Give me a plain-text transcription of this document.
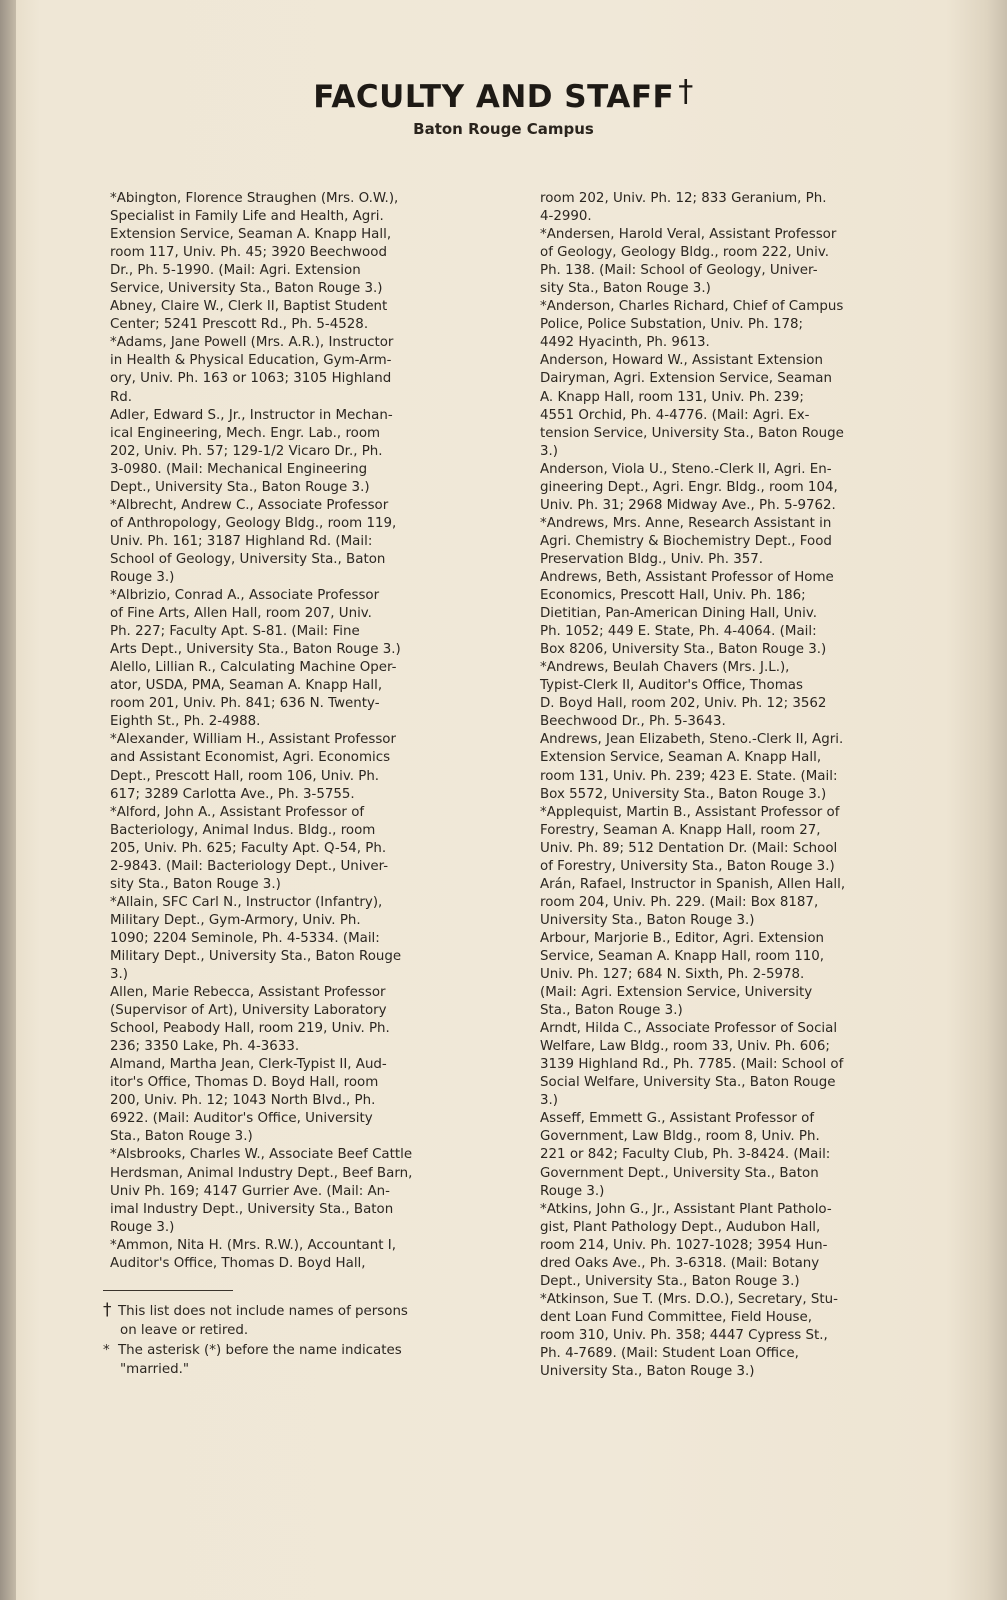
FACULTY AND STAFF †
Baton Rouge Campus
*Abington, Florence Straughen (Mrs. O.W.),
Specialist in Family Life and Health, Agri.
Extension Service, Seaman A. Knapp Hall,
room 117, Univ. Ph. 45; 3920 Beechwood
Dr., Ph. 5-1990. (Mail: Agri. Extension
Service, University Sta., Baton Rouge 3.)
Abney, Claire W., Clerk II, Baptist Student
Center; 5241 Prescott Rd., Ph. 5-4528.
*Adams, Jane Powell (Mrs. A.R.), Instructor
in Health & Physical Education, Gym-Arm-
ory, Univ. Ph. 163 or 1063; 3105 Highland
Rd.
Adler, Edward S., Jr., Instructor in Mechan-
ical Engineering, Mech. Engr. Lab., room
202, Univ. Ph. 57; 129-1/2 Vicaro Dr., Ph.
3-0980. (Mail: Mechanical Engineering
Dept., University Sta., Baton Rouge 3.)
*Albrecht, Andrew C., Associate Professor
of Anthropology, Geology Bldg., room 119,
Univ. Ph. 161; 3187 Highland Rd. (Mail:
School of Geology, University Sta., Baton
Rouge 3.)
*Albrizio, Conrad A., Associate Professor
of Fine Arts, Allen Hall, room 207, Univ.
Ph. 227; Faculty Apt. S-81. (Mail: Fine
Arts Dept., University Sta., Baton Rouge 3.)
Alello, Lillian R., Calculating Machine Oper-
ator, USDA, PMA, Seaman A. Knapp Hall,
room 201, Univ. Ph. 841; 636 N. Twenty-
Eighth St., Ph. 2-4988.
*Alexander, William H., Assistant Professor
and Assistant Economist, Agri. Economics
Dept., Prescott Hall, room 106, Univ. Ph.
617; 3289 Carlotta Ave., Ph. 3-5755.
*Alford, John A., Assistant Professor of
Bacteriology, Animal Indus. Bldg., room
205, Univ. Ph. 625; Faculty Apt. Q-54, Ph.
2-9843. (Mail: Bacteriology Dept., Univer-
sity Sta., Baton Rouge 3.)
*Allain, SFC Carl N., Instructor (Infantry),
Military Dept., Gym-Armory, Univ. Ph.
1090; 2204 Seminole, Ph. 4-5334. (Mail:
Military Dept., University Sta., Baton Rouge
3.)
Allen, Marie Rebecca, Assistant Professor
(Supervisor of Art), University Laboratory
School, Peabody Hall, room 219, Univ. Ph.
236; 3350 Lake, Ph. 4-3633.
Almand, Martha Jean, Clerk-Typist II, Aud-
itor's Office, Thomas D. Boyd Hall, room
200, Univ. Ph. 12; 1043 North Blvd., Ph.
6922. (Mail: Auditor's Office, University
Sta., Baton Rouge 3.)
*Alsbrooks, Charles W., Associate Beef Cattle
Herdsman, Animal Industry Dept., Beef Barn,
Univ Ph. 169; 4147 Gurrier Ave. (Mail: An-
imal Industry Dept., University Sta., Baton
Rouge 3.)
*Ammon, Nita H. (Mrs. R.W.), Accountant I,
Auditor's Office, Thomas D. Boyd Hall,
room 202, Univ. Ph. 12; 833 Geranium, Ph.
4-2990.
*Andersen, Harold Veral, Assistant Professor
of Geology, Geology Bldg., room 222, Univ.
Ph. 138. (Mail: School of Geology, Univer-
sity Sta., Baton Rouge 3.)
*Anderson, Charles Richard, Chief of Campus
Police, Police Substation, Univ. Ph. 178;
4492 Hyacinth, Ph. 9613.
Anderson, Howard W., Assistant Extension
Dairyman, Agri. Extension Service, Seaman
A. Knapp Hall, room 131, Univ. Ph. 239;
4551 Orchid, Ph. 4-4776. (Mail: Agri. Ex-
tension Service, University Sta., Baton Rouge
3.)
Anderson, Viola U., Steno.-Clerk II, Agri. En-
gineering Dept., Agri. Engr. Bldg., room 104,
Univ. Ph. 31; 2968 Midway Ave., Ph. 5-9762.
*Andrews, Mrs. Anne, Research Assistant in
Agri. Chemistry & Biochemistry Dept., Food
Preservation Bldg., Univ. Ph. 357.
Andrews, Beth, Assistant Professor of Home
Economics, Prescott Hall, Univ. Ph. 186;
Dietitian, Pan-American Dining Hall, Univ.
Ph. 1052; 449 E. State, Ph. 4-4064. (Mail:
Box 8206, University Sta., Baton Rouge 3.)
*Andrews, Beulah Chavers (Mrs. J.L.),
Typist-Clerk II, Auditor's Office, Thomas
D. Boyd Hall, room 202, Univ. Ph. 12; 3562
Beechwood Dr., Ph. 5-3643.
Andrews, Jean Elizabeth, Steno.-Clerk II, Agri.
Extension Service, Seaman A. Knapp Hall,
room 131, Univ. Ph. 239; 423 E. State. (Mail:
Box 5572, University Sta., Baton Rouge 3.)
*Applequist, Martin B., Assistant Professor of
Forestry, Seaman A. Knapp Hall, room 27,
Univ. Ph. 89; 512 Dentation Dr. (Mail: School
of Forestry, University Sta., Baton Rouge 3.)
Arán, Rafael, Instructor in Spanish, Allen Hall,
room 204, Univ. Ph. 229. (Mail: Box 8187,
University Sta., Baton Rouge 3.)
Arbour, Marjorie B., Editor, Agri. Extension
Service, Seaman A. Knapp Hall, room 110,
Univ. Ph. 127; 684 N. Sixth, Ph. 2-5978.
(Mail: Agri. Extension Service, University
Sta., Baton Rouge 3.)
Arndt, Hilda C., Associate Professor of Social
Welfare, Law Bldg., room 33, Univ. Ph. 606;
3139 Highland Rd., Ph. 7785. (Mail: School of
Social Welfare, University Sta., Baton Rouge
3.)
Asseff, Emmett G., Assistant Professor of
Government, Law Bldg., room 8, Univ. Ph.
221 or 842; Faculty Club, Ph. 3-8424. (Mail:
Government Dept., University Sta., Baton
Rouge 3.)
*Atkins, John G., Jr., Assistant Plant Patholo-
gist, Plant Pathology Dept., Audubon Hall,
room 214, Univ. Ph. 1027-1028; 3954 Hun-
dred Oaks Ave., Ph. 3-6318. (Mail: Botany
Dept., University Sta., Baton Rouge 3.)
*Atkinson, Sue T. (Mrs. D.O.), Secretary, Stu-
dent Loan Fund Committee, Field House,
room 310, Univ. Ph. 358; 4447 Cypress St.,
Ph. 4-7689. (Mail: Student Loan Office,
University Sta., Baton Rouge 3.)
† This list does not include names of persons
on leave or retired.
* The asterisk (*) before the name indicates
"married."
